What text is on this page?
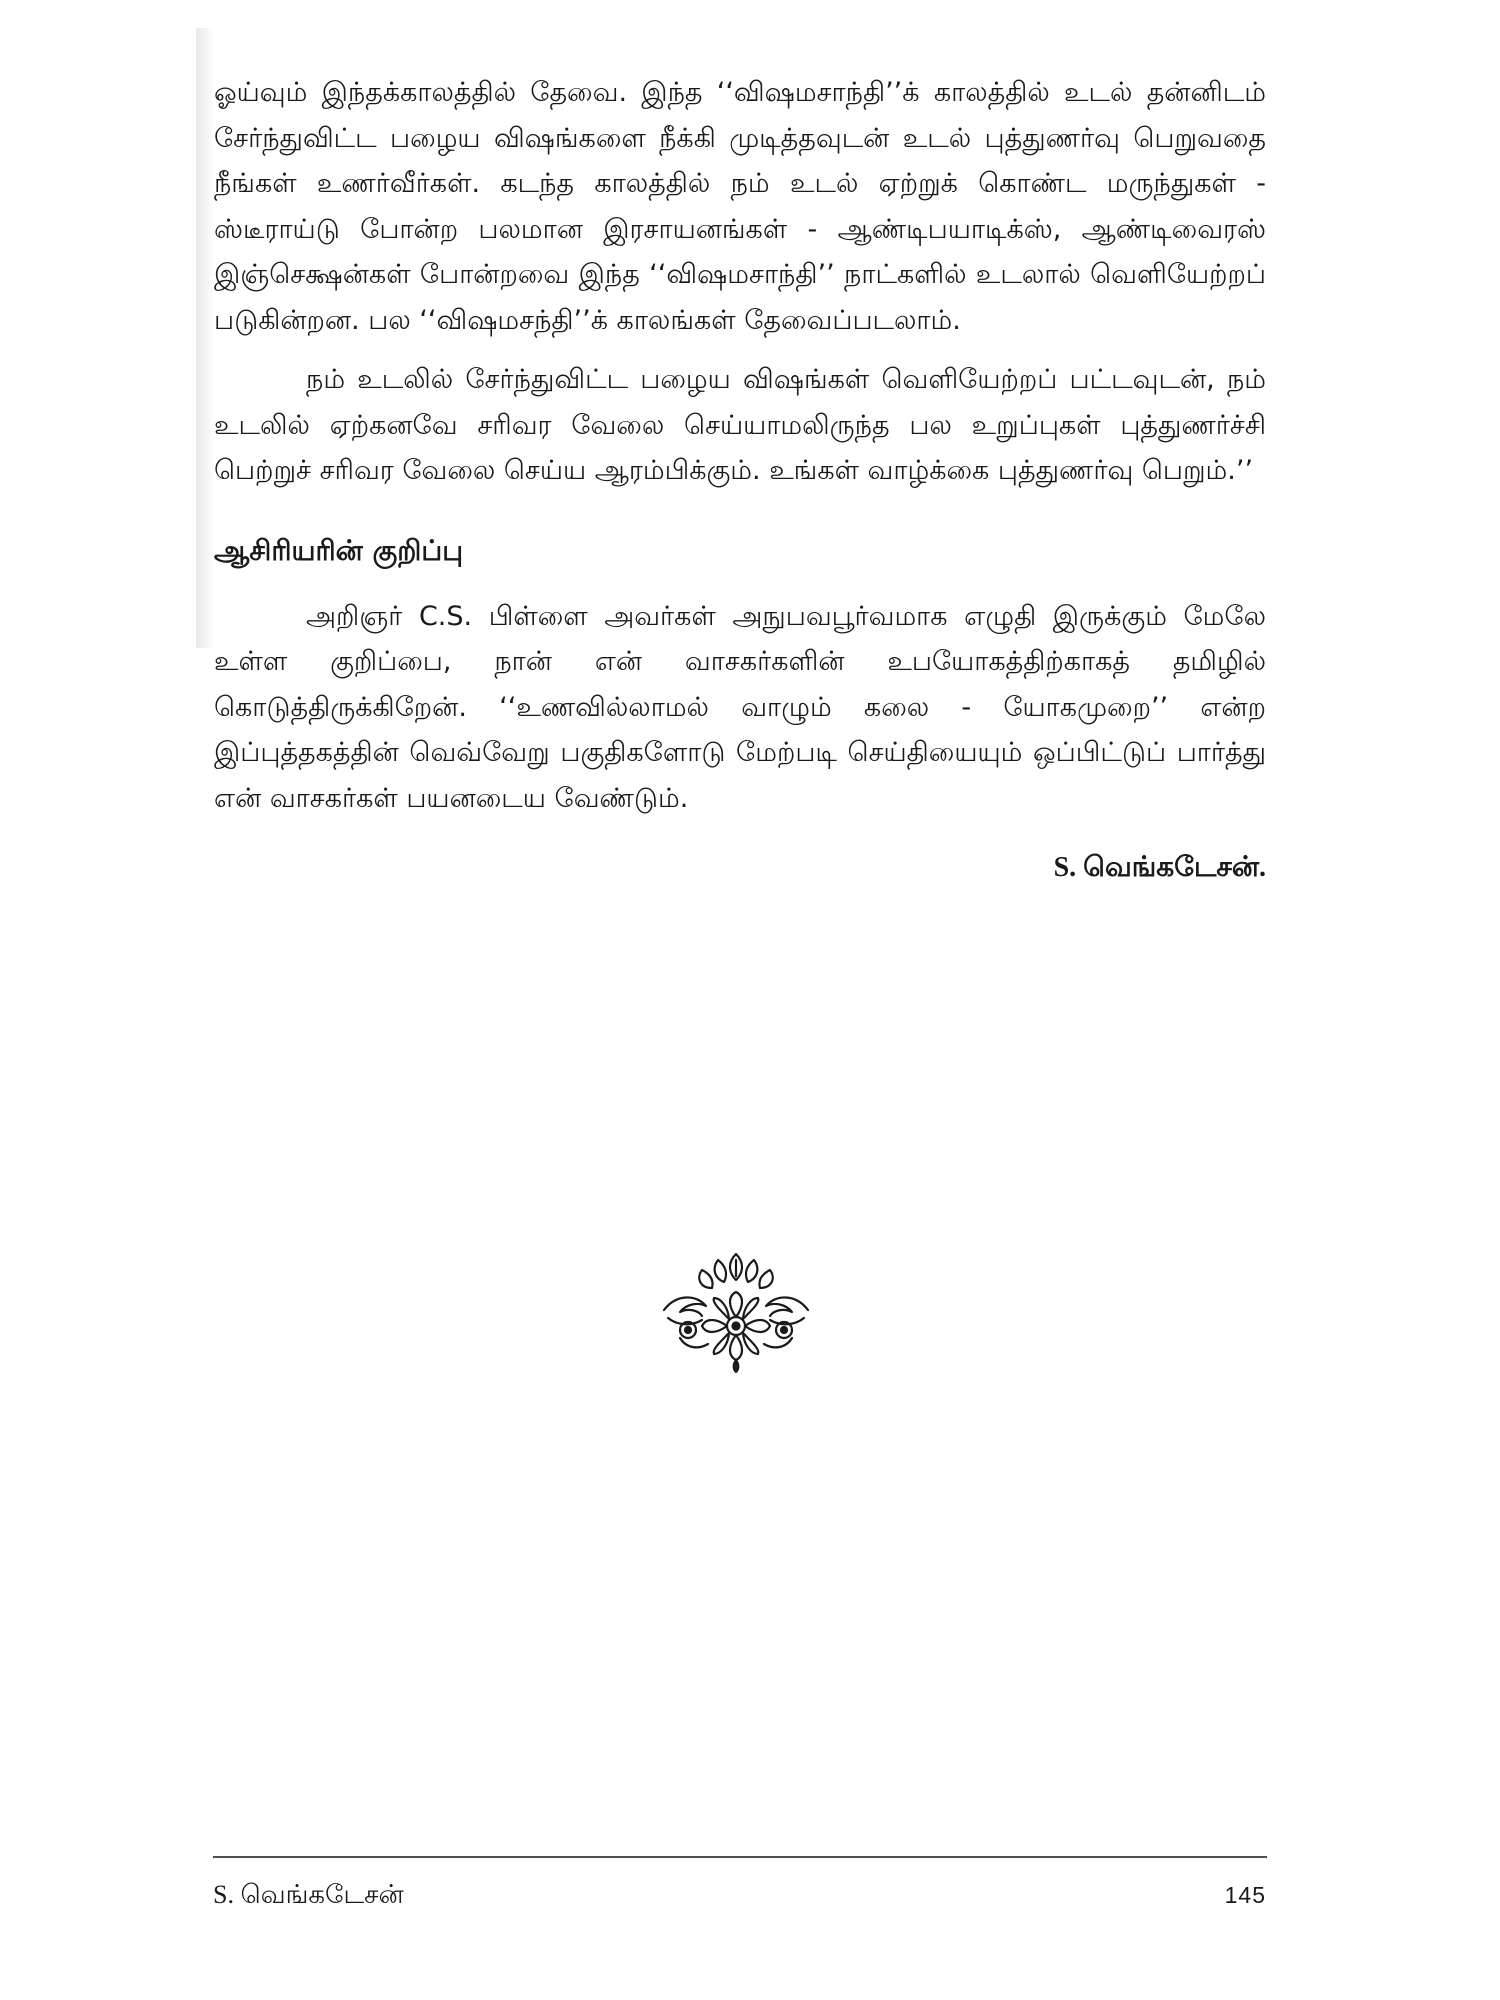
ஓய்வும் இந்தக்காலத்தில் தேவை. இந்த ‘‘விஷமசாந்தி’’க் காலத்தில் உடல் தன்னிடம் சேர்ந்துவிட்ட பழைய விஷங்களை நீக்கி முடித்தவுடன் உடல் புத்துணர்வு பெறுவதை நீங்கள் உணர்வீர்கள். கடந்த காலத்தில் நம் உடல் ஏற்றுக் கொண்ட மருந்துகள் - ஸ்டீராய்டு போன்ற பலமான இரசாயனங்கள் - ஆண்டிபயாடிக்ஸ், ஆண்டிவைரஸ் இஞ்செக்ஷன்கள் போன்றவை இந்த ‘‘விஷமசாந்தி’’ நாட்களில் உடலால் வெளியேற்றப் படுகின்றன. பல ‘‘விஷமசந்தி’’க் காலங்கள் தேவைப்படலாம்.

நம் உடலில் சேர்ந்துவிட்ட பழைய விஷங்கள் வெளியேற்றப் பட்டவுடன், நம் உடலில் ஏற்கனவே சரிவர வேலை செய்யாமலிருந்த பல உறுப்புகள் புத்துணர்ச்சி பெற்றுச் சரிவர வேலை செய்ய ஆரம்பிக்கும். உங்கள் வாழ்க்கை புத்துணர்வு பெறும்.’’

ஆசிரியரின் குறிப்பு

அறிஞர் C.S. பிள்ளை அவர்கள் அநுபவபூர்வமாக எழுதி இருக்கும் மேலே உள்ள குறிப்பை, நான் என் வாசகர்களின் உபயோகத்திற்காகத் தமிழில் கொடுத்திருக்கிறேன். ‘‘உணவில்லாமல் வாழும் கலை - யோகமுறை’’ என்ற இப்புத்தகத்தின் வெவ்வேறு பகுதிகளோடு மேற்படி செய்தியையும் ஒப்பிட்டுப் பார்த்து என் வாசகர்கள் பயனடைய வேண்டும்.

S. வெங்கடேசன்.

S. வெங்கடேசன்	145
